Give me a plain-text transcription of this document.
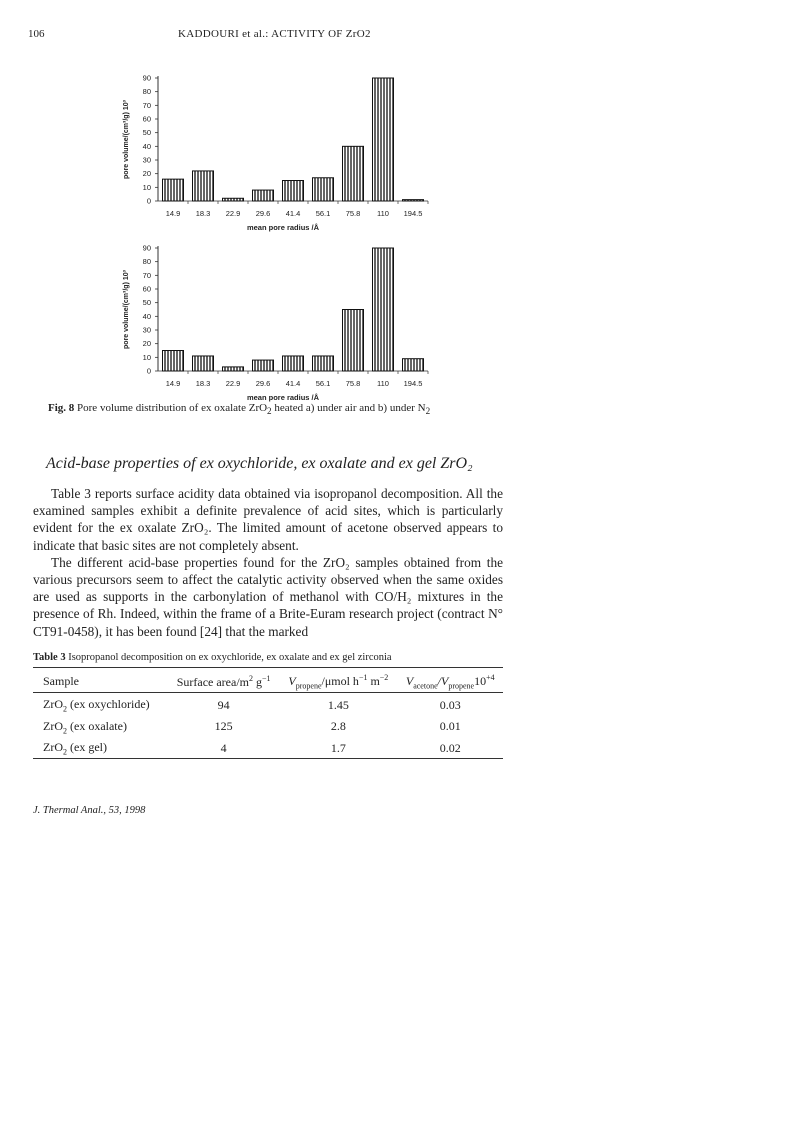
106	KADDOURI et al.: ACTIVITY OF ZrO2
0
10
20
30
40
50
60
70
80
90
14.9 18.3 22.9 29.6 41.4 56.1 75.8 110 194.5
mean pore radius /Å
pore volume/(cm³/g) 10³
0
10
20
30
40
50
60
70
80
90
14.9 18.3 22.9 29.6 41.4 56.1 75.8 110 194.5
mean pore radius /Å
pore volume/(cm³/g) 10³
Fig. 8 Pore volume distribution of ex oxalate ZrO$_2$ heated a) under air and b) under $N_2$
Acid-base properties of ex oxychloride, ex oxalate and ex gel ZrO₂

Table 3 reports surface acidity data obtained via isopropanol decomposition. All the examined samples exhibit a definite prevalence of acid sites, which is particularly evident for the ex oxalate ZrO₂. The limited amount of acetone observed appears to indicate that basic sites are not completely absent.

The different acid-base properties found for the ZrO₂ samples obtained from the various precursors seem to affect the catalytic activity observed when the same oxides are used as supports in the carbonylation of methanol with CO/H₂ mixtures in the presence of Rh. Indeed, within the frame of a Brite-Euram research project (contract N° CT91-0458), it has been found [24] that the marked

Table 3 Isopropanol decomposition on ex oxychloride, ex oxalate and ex gel zirconia
Sample	Surface area/$m^2$ $g^{-1}$	$V_{propene}$/μmol $h^{-1}$ $m^{-2}$	$V_{acetone}/V_{propene}10^{+4}$
ZrO$_2$ (ex oxychloride)	94	1.45	0.03
ZrO$_2$ (ex oxalate)	125	2.8	0.01
ZrO$_2$ (ex gel)	4	1.7	0.02
J. Thermal Anal., 53, 1998
